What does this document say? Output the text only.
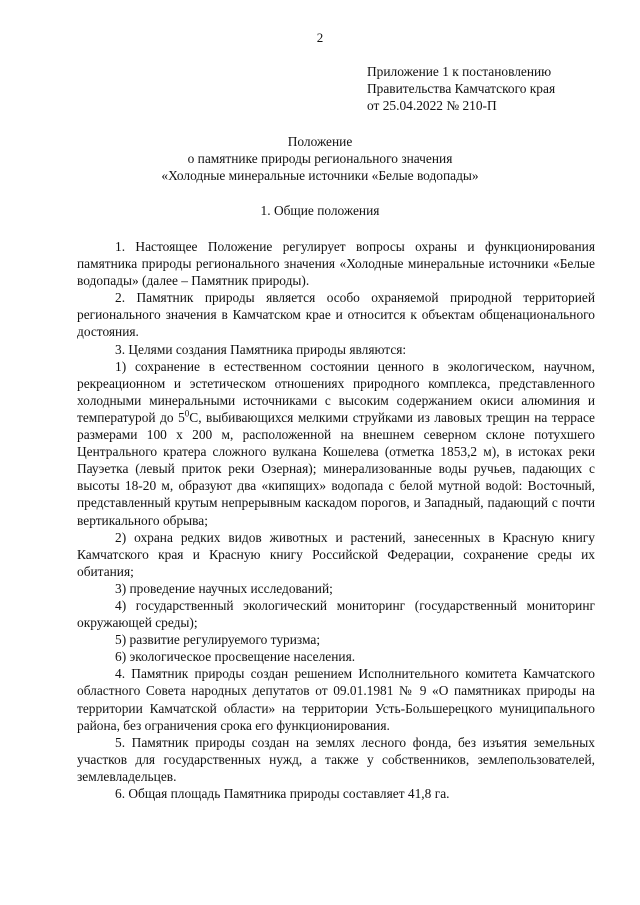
2
Приложение 1 к постановлению
Правительства Камчатского края
от 25.04.2022 № 210-П
Положение
о памятнике природы регионального значения
«Холодные минеральные источники «Белые водопады»
1. Общие положения

1. Настоящее Положение регулирует вопросы охраны и функционирования памятника природы регионального значения «Холодные минеральные источники «Белые водопады» (далее – Памятник природы).

2. Памятник природы является особо охраняемой природной территорией регионального значения в Камчатском крае и относится к объектам общенационального достояния.

3. Целями создания Памятника природы являются:

1) сохранение в естественном состоянии ценного в экологическом, научном, рекреационном и эстетическом отношениях природного комплекса, представленного холодными минеральными источниками с высоким содержанием окиси алюминия и температурой до $5^0С$, выбивающихся мелкими струйками из лавовых трещин на террасе размерами 100 х 200 м, расположенной на внешнем северном склоне потухшего Центрального кратера сложного вулкана Кошелева (отметка 1853,2 м), в истоках реки Пауэетка (левый приток реки Озерная); минерализованные воды ручьев, падающих с высоты 18-20 м, образуют два «кипящих» водопада с белой мутной водой: Восточный, представленный крутым непрерывным каскадом порогов, и Западный, падающий с почти вертикального обрыва;

2) охрана редких видов животных и растений, занесенных в Красную книгу Камчатского края и Красную книгу Российской Федерации, сохранение среды их обитания;

3) проведение научных исследований;

4) государственный экологический мониторинг (государственный мониторинг окружающей среды);

5) развитие регулируемого туризма;

6) экологическое просвещение населения.

4. Памятник природы создан решением Исполнительного комитета Камчатского областного Совета народных депутатов от 09.01.1981 № 9 «О памятниках природы на территории Камчатской области» на территории Усть-Большерецкого муниципального района, без ограничения срока его функционирования.

5. Памятник природы создан на землях лесного фонда, без изъятия земельных участков для государственных нужд, а также у собственников, землепользователей, землевладельцев.

6. Общая площадь Памятника природы составляет 41,8 га.
